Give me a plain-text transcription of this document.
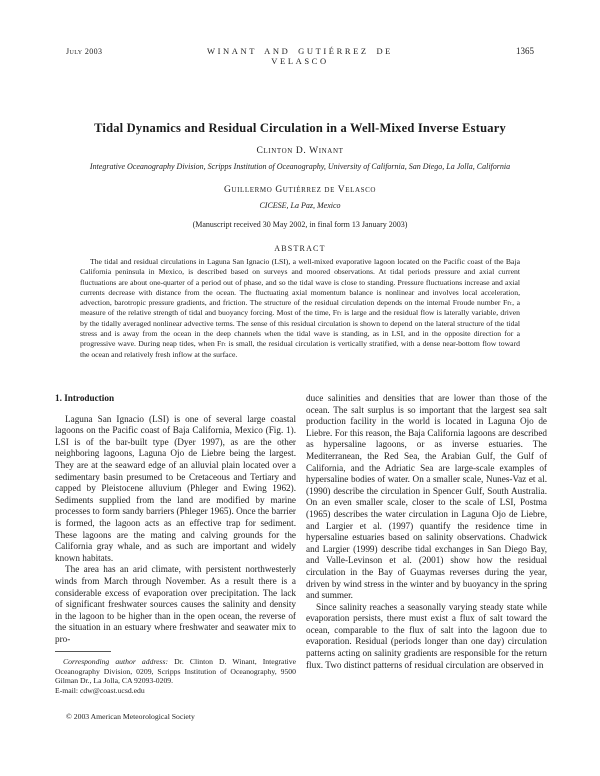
July 2003	WINANT AND GUTIÉRREZ DE VELASCO
1365
Tidal Dynamics and Residual Circulation in a Well-Mixed Inverse Estuary
Clinton D. Winant
Integrative Oceanography Division, Scripps Institution of Oceanography, University of California, San Diego, La Jolla, California
Guillermo Gutiérrez de Velasco
CICESE, La Paz, Mexico
(Manuscript received 30 May 2002, in final form 13 January 2003)
ABSTRACT
The tidal and residual circulations in Laguna San Ignacio (LSI), a well-mixed evaporative lagoon located on the Pacific coast of the Baja California peninsula in Mexico, is described based on surveys and moored observations. At tidal periods pressure and axial current fluctuations are about one-quarter of a period out of phase, and so the tidal wave is close to standing. Pressure fluctuations increase and axial currents decrease with distance from the ocean. The fluctuating axial momentum balance is nonlinear and involves local acceleration, advection, barotropic pressure gradients, and friction. The structure of the residual circulation depends on the internal Froude number Frₜ, a measure of the relative strength of tidal and buoyancy forcing. Most of the time, Frₜ is large and the residual flow is laterally variable, driven by the tidally averaged nonlinear advective terms. The sense of this residual circulation is shown to depend on the lateral structure of the tidal stress and is away from the ocean in the deep channels when the tidal wave is standing, as in LSI, and in the opposite direction for a progressive wave. During neap tides, when Frₜ is small, the residual circulation is vertically stratified, with a dense near-bottom flow toward the ocean and relatively fresh inflow at the surface.
1. Introduction

Laguna San Ignacio (LSI) is one of several large coastal lagoons on the Pacific coast of Baja California, Mexico (Fig. 1). LSI is of the bar-built type (Dyer 1997), as are the other neighboring lagoons, Laguna Ojo de Liebre being the largest. They are at the seaward edge of an alluvial plain located over a sedimentary basin presumed to be Cretaceous and Tertiary and capped by Pleistocene alluvium (Phleger and Ewing 1962). Sediments supplied from the land are modified by marine processes to form sandy barriers (Phleger 1965). Once the barrier is formed, the lagoon acts as an effective trap for sediment. These lagoons are the mating and calving grounds for the California gray whale, and as such are important and widely known habitats.

The area has an arid climate, with persistent northwesterly winds from March through November. As a result there is a considerable excess of evaporation over precipitation. The lack of significant freshwater sources causes the salinity and density in the lagoon to be higher than in the open ocean, the reverse of the situation in an estuary where freshwater and seawater mix to pro-

duce salinities and densities that are lower than those of the ocean. The salt surplus is so important that the largest sea salt production facility in the world is located in Laguna Ojo de Liebre. For this reason, the Baja California lagoons are described as hypersaline lagoons, or as inverse estuaries. The Mediterranean, the Red Sea, the Arabian Gulf, the Gulf of California, and the Adriatic Sea are large-scale examples of hypersaline bodies of water. On a smaller scale, Nunes-Vaz et al. (1990) describe the circulation in Spencer Gulf, South Australia. On an even smaller scale, closer to the scale of LSI, Postma (1965) describes the water circulation in Laguna Ojo de Liebre, and Largier et al. (1997) quantify the residence time in hypersaline estuaries based on salinity observations. Chadwick and Largier (1999) describe tidal exchanges in San Diego Bay, and Valle-Levinson et al. (2001) show how the residual circulation in the Bay of Guaymas reverses during the year, driven by wind stress in the winter and by buoyancy in the spring and summer.

Since salinity reaches a seasonally varying steady state while evaporation persists, there must exist a flux of salt toward the ocean, comparable to the flux of salt into the lagoon due to evaporation. Residual (periods longer than one day) circulation patterns acting on salinity gradients are responsible for the return flux. Two distinct patterns of residual circulation are observed in

Corresponding author address: Dr. Clinton D. Winant, Integrative Oceanography Division, 0209, Scripps Institution of Oceanography, 9500 Gilman Dr., La Jolla, CA 92093-0209.
E-mail: cdw@coast.ucsd.edu
© 2003 American Meteorological Society
